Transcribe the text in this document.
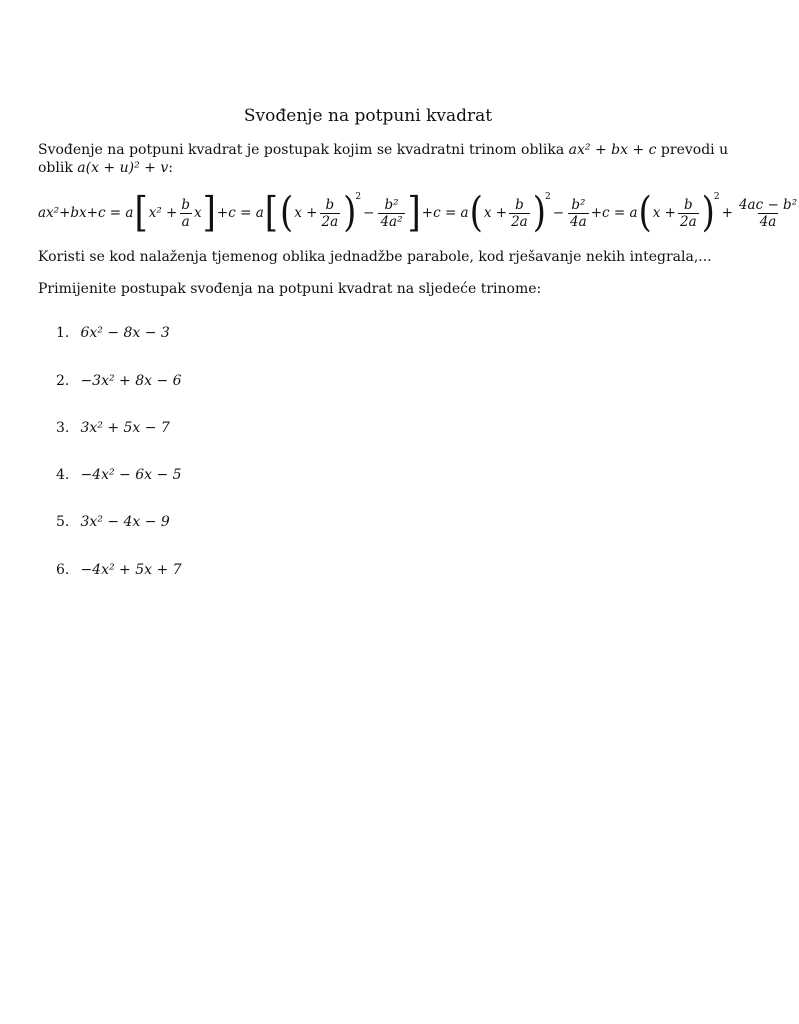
Svođenje na potpuni kvadrat
Svođenje na potpuni kvadrat je postupak kojim se kvadratni trinom oblika ax² + bx + c prevodi u oblik a(x + u)² + v:
ax²+bx+c = a [ $x^2 + \frac{b}{a}$ x ] +c = a [ ( $x + \frac{b}{2a}$ ) 2
− $\frac{\text{b²}}{\text{4a²}}$ ] +c = a ( $x + \frac{b}{2a}$ ) 2
− $\frac{\text{b²}}{4a} +c = a$ ( $x + \frac{b}{2a}$ ) 2
+ $\frac{\text{4ac − b²}}{4a}$
Koristi se kod nalaženja tjemenog oblika jednadžbe parabole, kod rješavanje nekih integrala,...
Primijenite postupak svođenja na potpuni kvadrat na sljedeće trinome:
1. 6x² − 8x − 3
2. −3x² + 8x − 6
3. 3x² + 5x − 7
4. −4x² − 6x − 5
5. 3x² − 4x − 9
6. −4x² + 5x + 7
